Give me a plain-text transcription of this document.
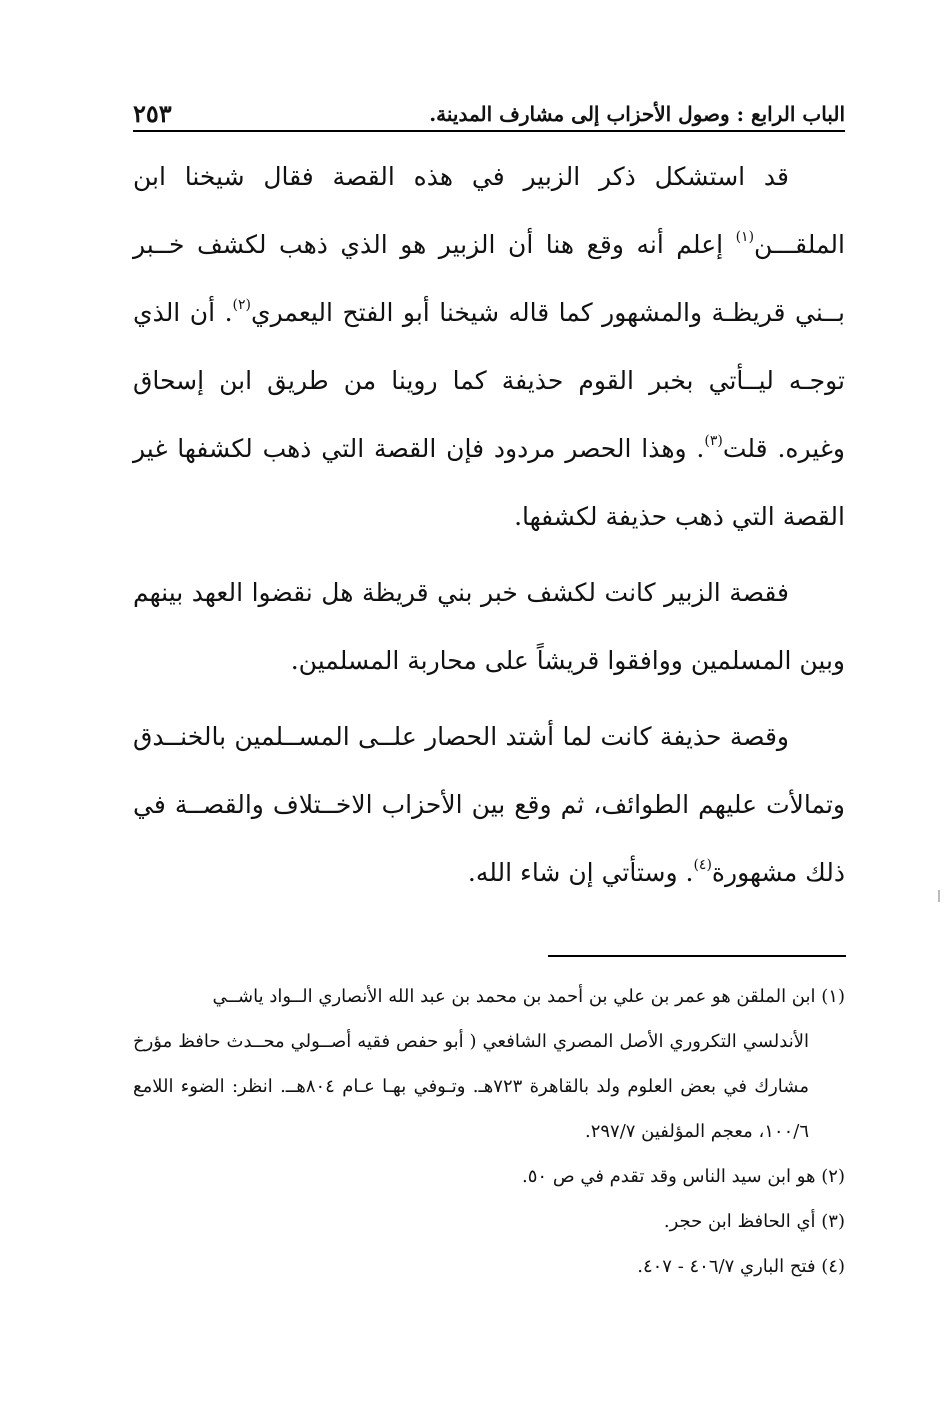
الباب الرابع : وصول الأحزاب إلى مشارف المدينة.
٢٥٣

قد استشكل ذكر الزبير في هذه القصة فقال شيخنا ابن الملقـــن$^{(١)}$ إعلم أنه وقع هنا أن الزبير هو الذي ذهب لكشف خــبر بــني قريظـة والمشهور كما قاله شيخنا أبو الفتح اليعمري$^{(٢)}$. أن الذي توجـه ليــأتي بخبر القوم حذيفة كما روينا من طريق ابن إسحاق وغيره. قلت$^{(٣)}$. وهذا الحصر مردود فإن القصة التي ذهب لكشفها غير القصة التي ذهب حذيفة لكشفها.

فقصة الزبير كانت لكشف خبر بني قريظة هل نقضوا العهد بينهم وبين المسلمين ووافقوا قريشاً على محاربة المسلمين.

وقصة حذيفة كانت لما أشتد الحصار علــى المســلمين بالخنــدق وتمالأت عليهم الطوائف، ثم وقع بين الأحزاب الاخــتلاف والقصــة في ذلك مشهورة$^{(٤)}$. وستأتي إن شاء الله.

(١) ابن الملقن هو عمر بن علي بن أحمد بن محمد بن عبد الله الأنصاري الــواد ياشــي
الأندلسي التكروري الأصل المصري الشافعي ( أبو حفص فقيه أصــولي محــدث حافظ مؤرخ مشارك في بعض العلوم ولد بالقاهرة ٧٢٣هـ. وتـوفي بهـا عـام ٨٠٤هــ. انظر: الضوء اللامع ١٠٠/٦، معجم المؤلفين ٢٩٧/٧.

(٢) هو ابن سيد الناس وقد تقدم في ص ٥٠.

(٣) أي الحافظ ابن حجر.

(٤) فتح الباري ٤٠٦/٧ - ٤٠٧.
